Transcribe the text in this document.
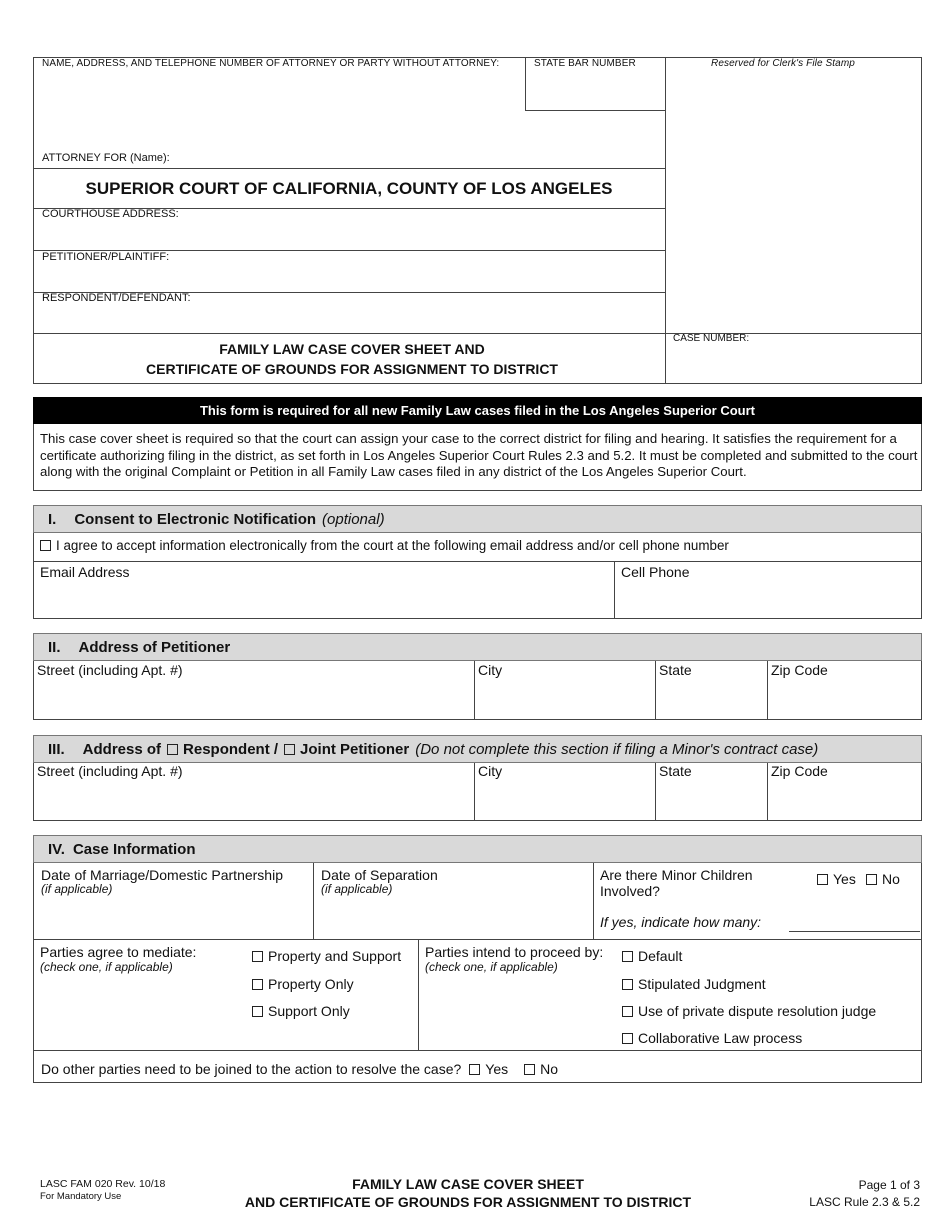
NAME, ADDRESS, AND TELEPHONE NUMBER OF ATTORNEY OR PARTY WITHOUT ATTORNEY:	STATE BAR NUMBER	Reserved for Clerk's File Stamp
ATTORNEY FOR (Name):
SUPERIOR COURT OF CALIFORNIA, COUNTY OF LOS ANGELES
COURTHOUSE ADDRESS:
PETITIONER/PLAINTIFF:
RESPONDENT/DEFENDANT:
FAMILY LAW CASE COVER SHEET AND
CERTIFICATE OF GROUNDS FOR ASSIGNMENT TO DISTRICT
CASE NUMBER:
This form is required for all new Family Law cases filed in the Los Angeles Superior Court
This case cover sheet is required so that the court can assign your case to the correct district for filing and hearing. It satisfies the requirement for a certificate authorizing filing in the district, as set forth in Los Angeles Superior Court Rules 2.3 and 5.2. It must be completed and submitted to the court along with the original Complaint or Petition in all Family Law cases filed in any district of the Los Angeles Superior Court.
I. Consent to Electronic Notification (optional)
I agree to accept information electronically from the court at the following email address and/or cell phone number
Email Address	Cell Phone
II. Address of Petitioner
Street (including Apt. #)	City	State	Zip Code
III. Address of Respondent / Joint Petitioner (Do not complete this section if filing a Minor's contract case)
Street (including Apt. #)	City	State	Zip Code
IV. Case Information
Date of Marriage/Domestic Partnership
(if applicable)
Date of Separation
(if applicable)
Are there Minor Children
Involved?
Yes No
If yes, indicate how many:
Parties agree to mediate:
(check one, if applicable)
Property and Support
Property Only
Support Only
Parties intend to proceed by:
(check one, if applicable)
Default
Stipulated Judgment
Use of private dispute resolution judge
Collaborative Law process
Do other parties need to be joined to the action to resolve the case? Yes No
LASC FAM 020 Rev. 10/18
For Mandatory Use
FAMILY LAW CASE COVER SHEET
AND CERTIFICATE OF GROUNDS FOR ASSIGNMENT TO DISTRICT
Page 1 of 3
LASC Rule 2.3 & 5.2
